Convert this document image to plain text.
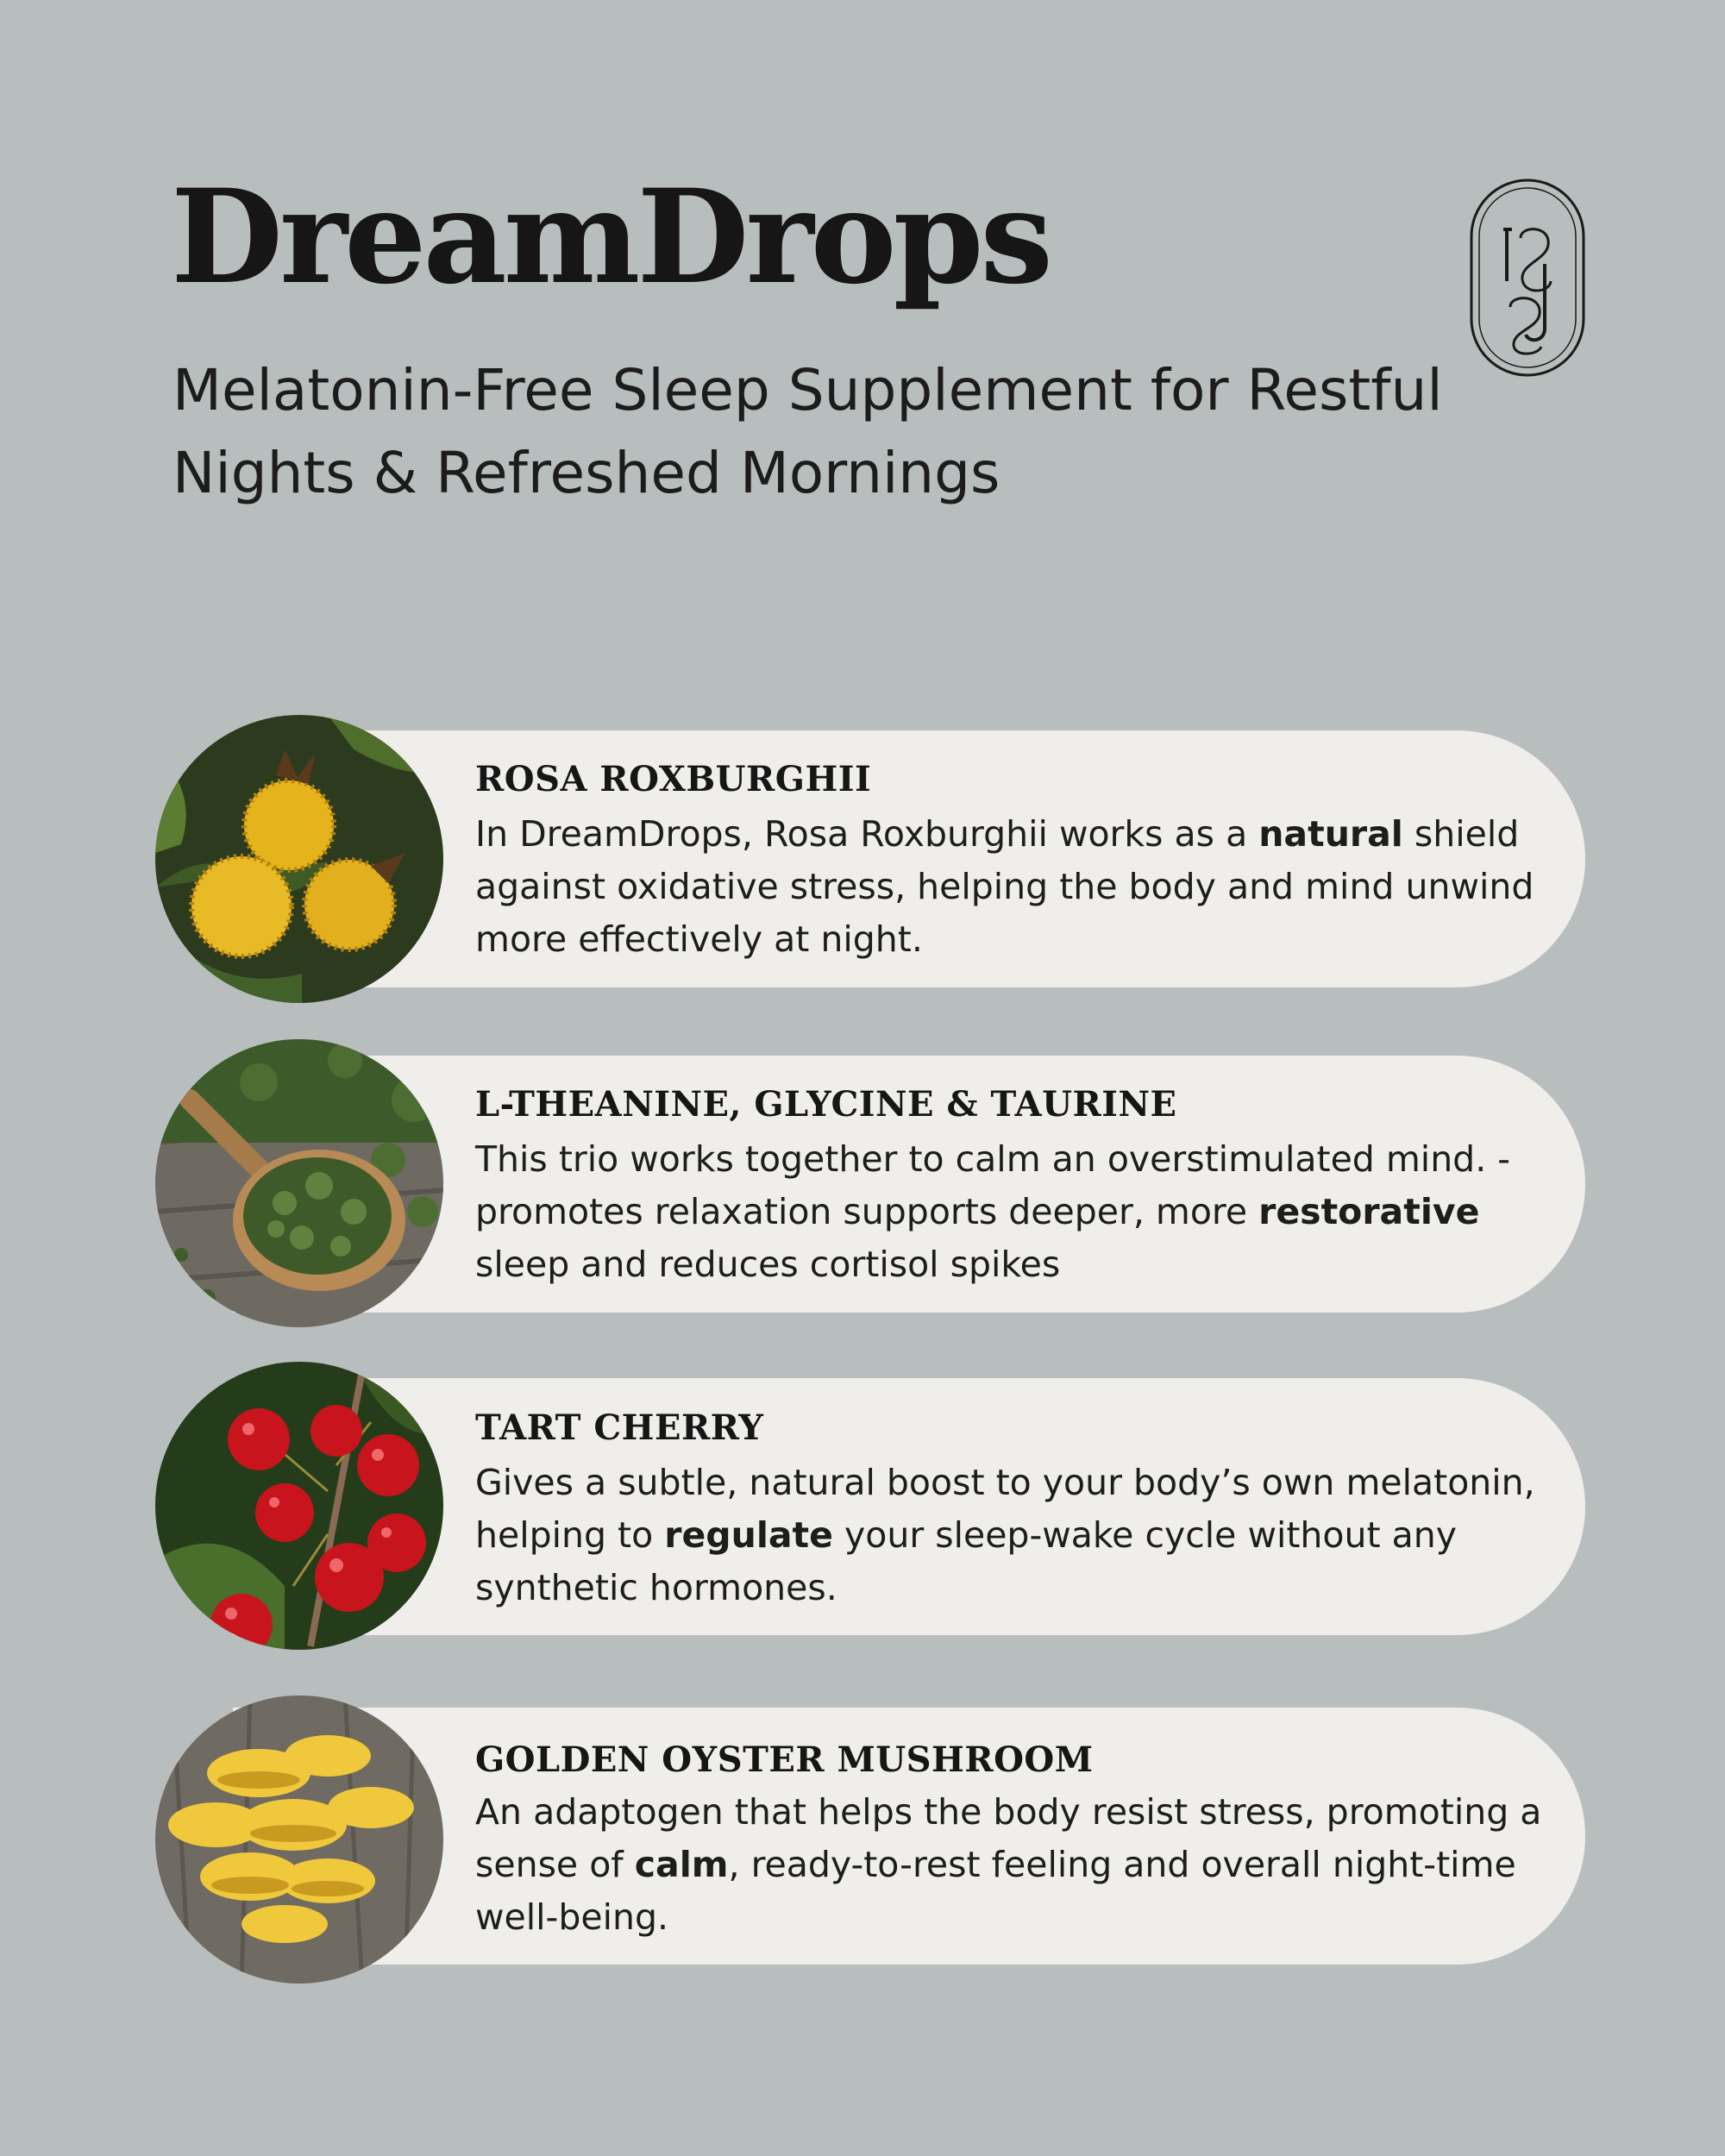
DreamDrops

Melatonin-Free Sleep Supplement for Restful Nights & Refreshed Mornings

ROSA ROXBURGHII

In DreamDrops, Rosa Roxburghii works as a natural shield against oxidative stress, helping the body and mind unwind more effectively at night.

L-THEANINE, GLYCINE & TAURINE

This trio works together to calm an overstimulated mind. - promotes relaxation supports deeper, more restorative sleep and reduces cortisol spikes

TART CHERRY

Gives a subtle, natural boost to your body’s own melatonin, helping to regulate your sleep-wake cycle without any synthetic hormones.

GOLDEN OYSTER MUSHROOM

An adaptogen that helps the body resist stress, promoting a sense of calm, ready-to-rest feeling and overall night-time well-being.
